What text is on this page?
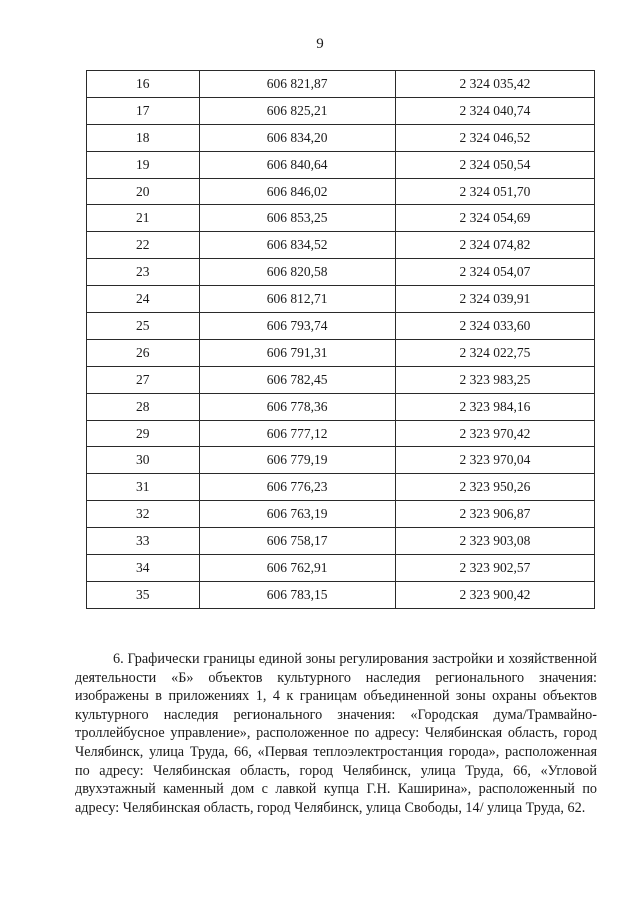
9
16	606 821,87	2 324 035,42
17	606 825,21	2 324 040,74
18	606 834,20	2 324 046,52
19	606 840,64	2 324 050,54
20	606 846,02	2 324 051,70
21	606 853,25	2 324 054,69
22	606 834,52	2 324 074,82
23	606 820,58	2 324 054,07
24	606 812,71	2 324 039,91
25	606 793,74	2 324 033,60
26	606 791,31	2 324 022,75
27	606 782,45	2 323 983,25
28	606 778,36	2 323 984,16
29	606 777,12	2 323 970,42
30	606 779,19	2 323 970,04
31	606 776,23	2 323 950,26
32	606 763,19	2 323 906,87
33	606 758,17	2 323 903,08
34	606 762,91	2 323 902,57
35	606 783,15	2 323 900,42

6. Графически границы единой зоны регулирования застройки и хозяйственной деятельности «Б» объектов культурного наследия регионального значения: изображены в приложениях 1, 4 к границам объединенной зоны охраны объектов культурного наследия регионального значения: «Городская дума/Трамвайно-троллейбусное управление», расположенное по адресу: Челябинская область, город Челябинск, улица Труда, 66, «Первая теплоэлектростанция города», расположенная по адресу: Челябинская область, город Челябинск, улица Труда, 66, «Угловой двухэтажный каменный дом с лавкой купца Г.Н. Каширина», расположенный по адресу: Челябинская область, город Челябинск, улица Свободы, 14/ улица Труда, 62.
